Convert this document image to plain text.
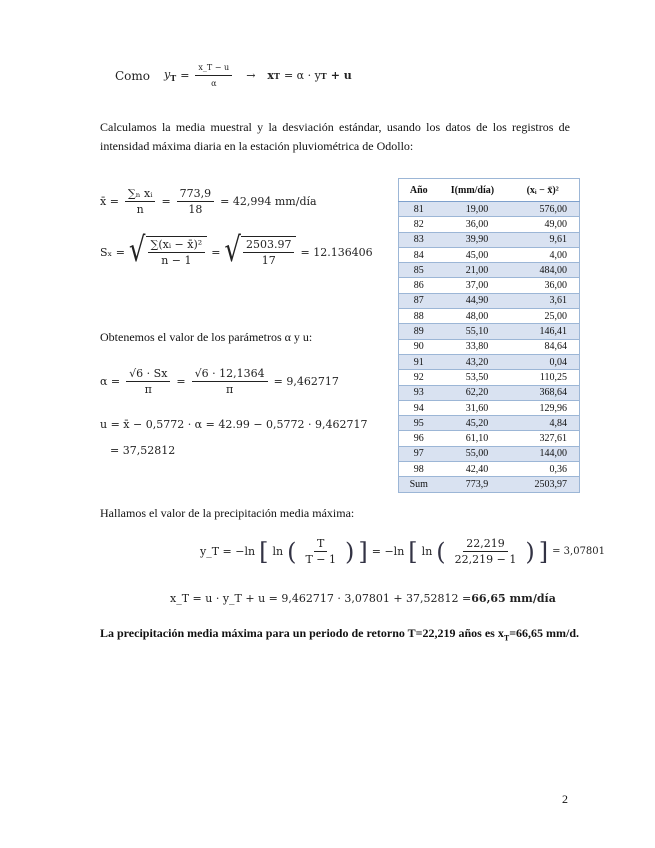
Como $y_T = \frac{x\_T - u}{\alpha} \to x$ T = α · y T + u
Calculamos la media muestral y la desviación estándar, usando los datos de los registros de intensidad máxima diaria en la estación pluviométrica de Odollo:
x̄ = $\frac{\text{∑ₙ xᵢ}}{n} = \frac{773,9}{18} = 42,994$ mm/día
Sₓ = √ $\frac{\text{∑(xᵢ − x̄)²}}{n - 1}$ = √ $\frac{2503.97}{17} = 12.136406$
Año	I(mm/día)	(xᵢ − x̄)²
81	19,00	576,00
82	36,00	49,00
83	39,90	9,61
84	45,00	4,00
85	21,00	484,00
86	37,00	36,00
87	44,90	3,61
88	48,00	25,00
89	55,10	146,41
90	33,80	84,64
91	43,20	0,04
92	53,50	110,25
93	62,20	368,64
94	31,60	129,96
95	45,20	4,84
96	61,10	327,61
97	55,00	144,00
98	42,40	0,36
Sum	773,9	2503,97
Obtenemos el valor de los parámetros α y u:
$\alpha = \frac{√6 \cdot Sx}{\pi} = \frac{√6 \cdot 12,1364}{\pi} = 9,462717$
u = x̄ − 0,5772 · α = 42.99 − 0,5772 · 9,462717
= 37,52812
Hallamos el valor de la precipitación media máxima:
y_T = −ln [ ln ( $\frac{T}{T - 1}$ ) ] = −ln [ ln ( $\frac{22,219}{22,219 - 1}$ ) ] = 3,07801
x_T = u · y_T + u = 9,462717 · 3,07801 + 37,52812 = 66,65 mm/día
La precipitación media máxima para un periodo de retorno T=22,219 años es $x_T=66,65$ mm/d.
2
